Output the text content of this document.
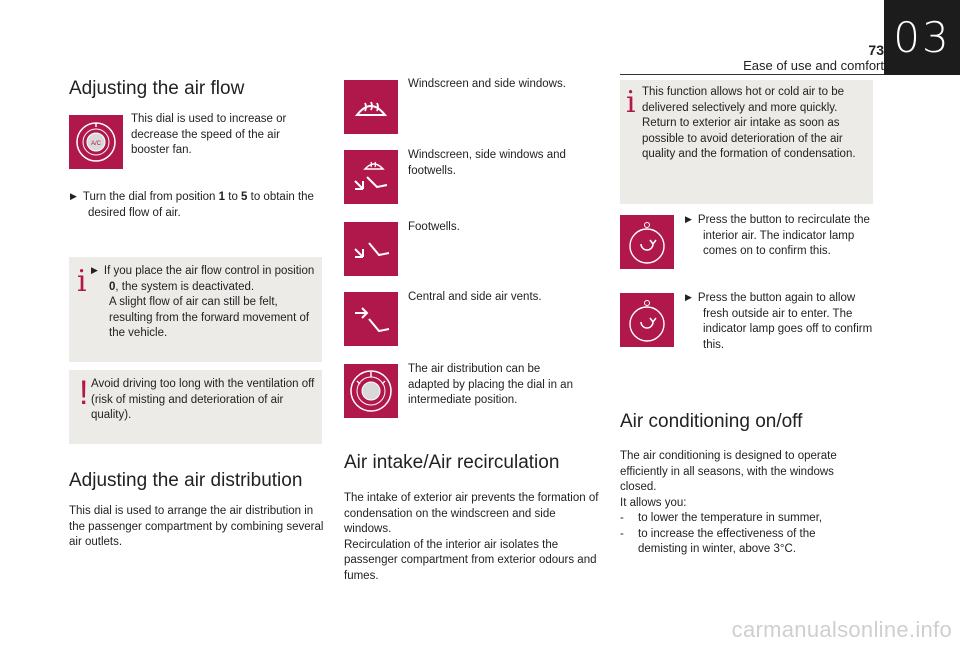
73
Ease of use and comfort
03
Adjusting the air flow
A/C
This dial is used to increase or decrease the speed of the air booster fan.
▶ Turn the dial from position 1 to 5 to obtain the desired flow of air.
i ▶ If you place the air flow control in position 0, the system is deactivated.
A slight flow of air can still be felt, resulting from the forward movement of the vehicle.
! Avoid driving too long with the ventilation off (risk of misting and deterioration of air quality).
Adjusting the air distribution
This dial is used to arrange the air distribution in the passenger compartment by combining several air outlets.
Windscreen and side windows.
Windscreen, side windows and footwells.
Footwells.
Central and side air vents.
The air distribution can be adapted by placing the dial in an intermediate position.
Air intake/Air recirculation
The intake of exterior air prevents the formation of condensation on the windscreen and side windows.
Recirculation of the interior air isolates the passenger compartment from exterior odours and fumes.
i This function allows hot or cold air to be delivered selectively and more quickly. Return to exterior air intake as soon as possible to avoid deterioration of the air quality and the formation of condensation.
▶ Press the button to recirculate the interior air. The indicator lamp comes on to confirm this.
▶ Press the button again to allow fresh outside air to enter. The indicator lamp goes off to confirm this.
Air conditioning on/off
The air conditioning is designed to operate efficiently in all seasons, with the windows closed.
It allows you:
- to lower the temperature in summer,
- to increase the effectiveness of the demisting in winter, above 3°C.
carmanualsonline.info
